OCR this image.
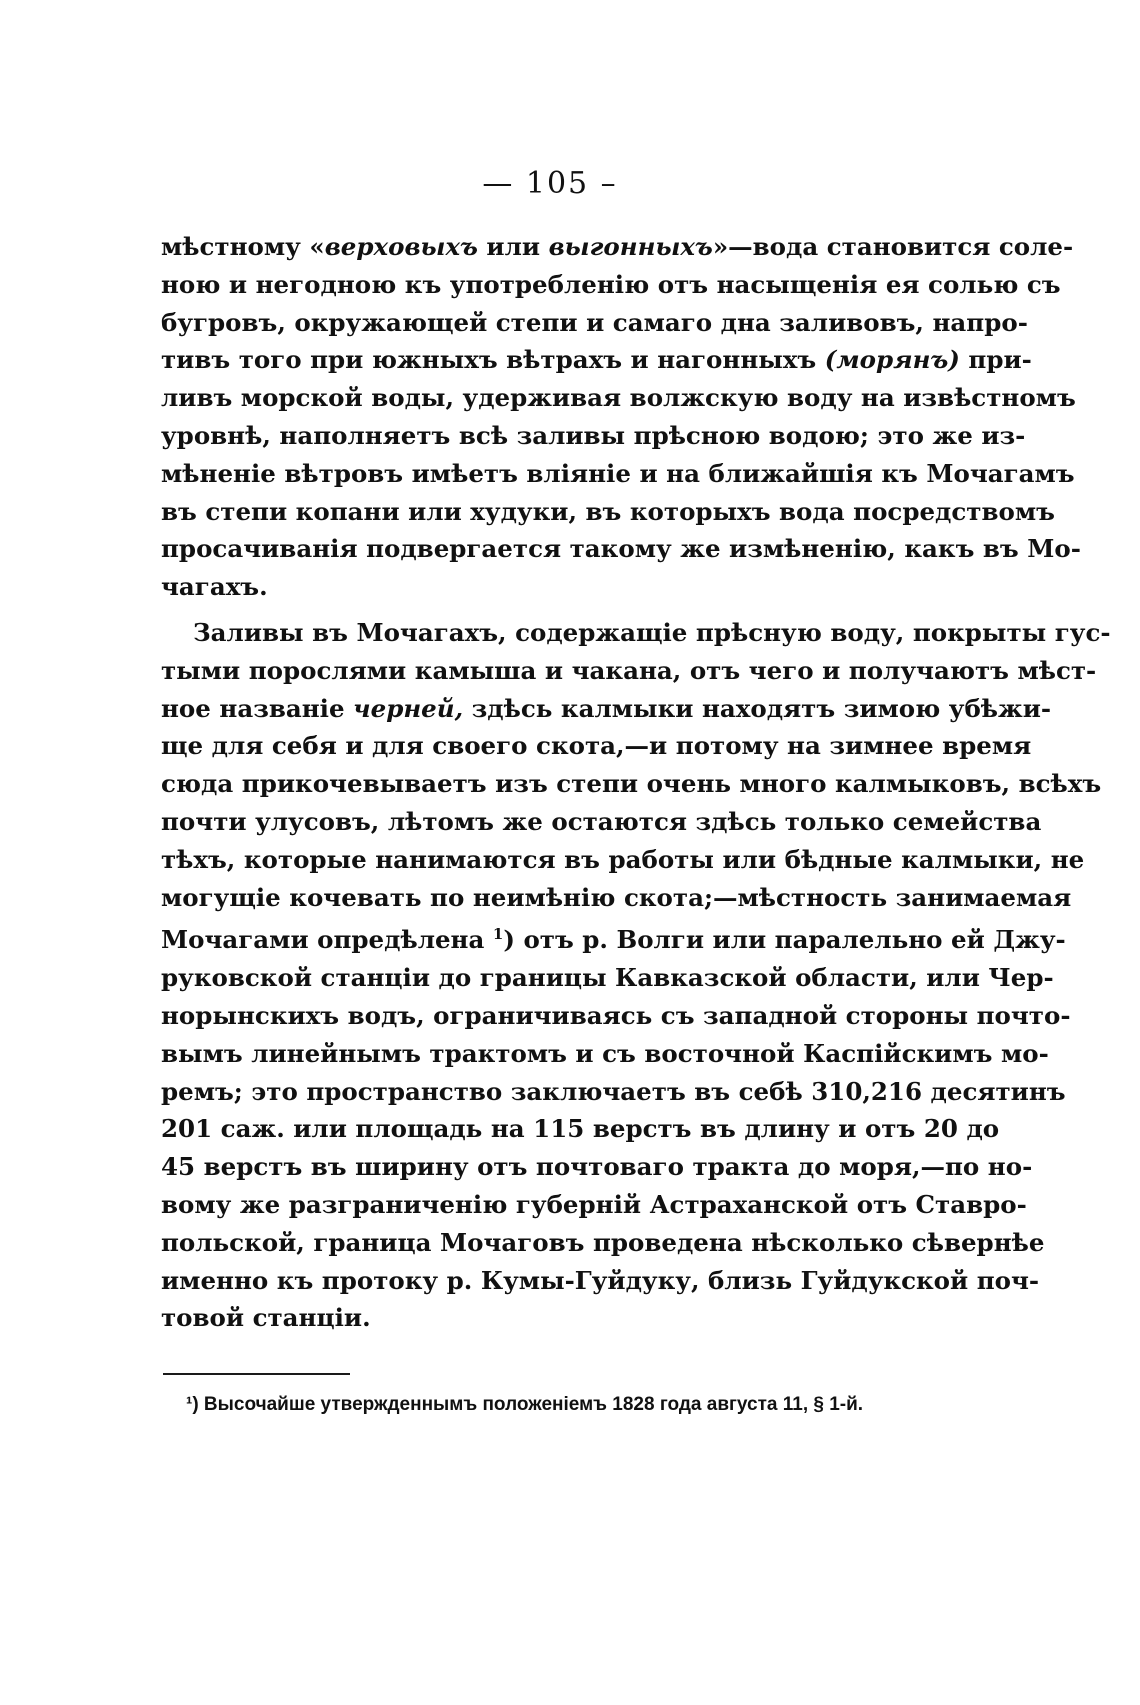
— 105 –
мѣстному «верховыхъ или выгонныхъ»—вода становится соле-
ною и негодною къ употребленію отъ насыщенія ея солью съ
бугровъ, окружающей степи и самаго дна заливовъ, напро-
тивъ того при южныхъ вѣтрахъ и нагонныхъ (морянъ) при-
ливъ морской воды, удерживая волжскую воду на извѣстномъ
уровнѣ, наполняетъ всѣ заливы прѣсною водою; это же из-
мѣненіе вѣтровъ имѣетъ вліяніе и на ближайшія къ Мочагамъ
въ степи копани или худуки, въ которыхъ вода посредствомъ
просачиванія подвергается такому же измѣненію, какъ въ Мо-
чагахъ.
Заливы въ Мочагахъ, содержащіе прѣсную воду, покрыты гус-
тыми порослями камыша и чакана, отъ чего и получаютъ мѣст-
ное названіе черней, здѣсь калмыки находятъ зимою убѣжи-
ще для себя и для своего скота,—и потому на зимнее время
сюда прикочевываетъ изъ степи очень много калмыковъ, всѣхъ
почти улусовъ, лѣтомъ же остаются здѣсь только семейства
тѣхъ, которые нанимаются въ работы или бѣдные калмыки, не
могущіе кочевать по неимѣнію скота;—мѣстность занимаемая
Мочагами опредѣлена $^1$) отъ р. Волги или паралельно ей Джу-
руковской станціи до границы Кавказской области, или Чер-
норынскихъ водъ, ограничиваясь съ западной стороны почто-
вымъ линейнымъ трактомъ и съ восточной Каспійскимъ мо-
ремъ; это пространство заключаетъ въ себѣ 310,216 десятинъ
201 саж. или площадь на 115 верстъ въ длину и отъ 20 до
45 верстъ въ ширину отъ почтоваго тракта до моря,—по но-
вому же разграниченію губерній Астраханской отъ Ставро-
польской, граница Мочаговъ проведена нѣсколько сѣвернѣе
именно къ протоку р. Кумы-Гуйдуку, близь Гуйдукской поч-
товой станціи.
¹) Высочайше утвержденнымъ положеніемъ 1828 года августа 11, § 1-й.
